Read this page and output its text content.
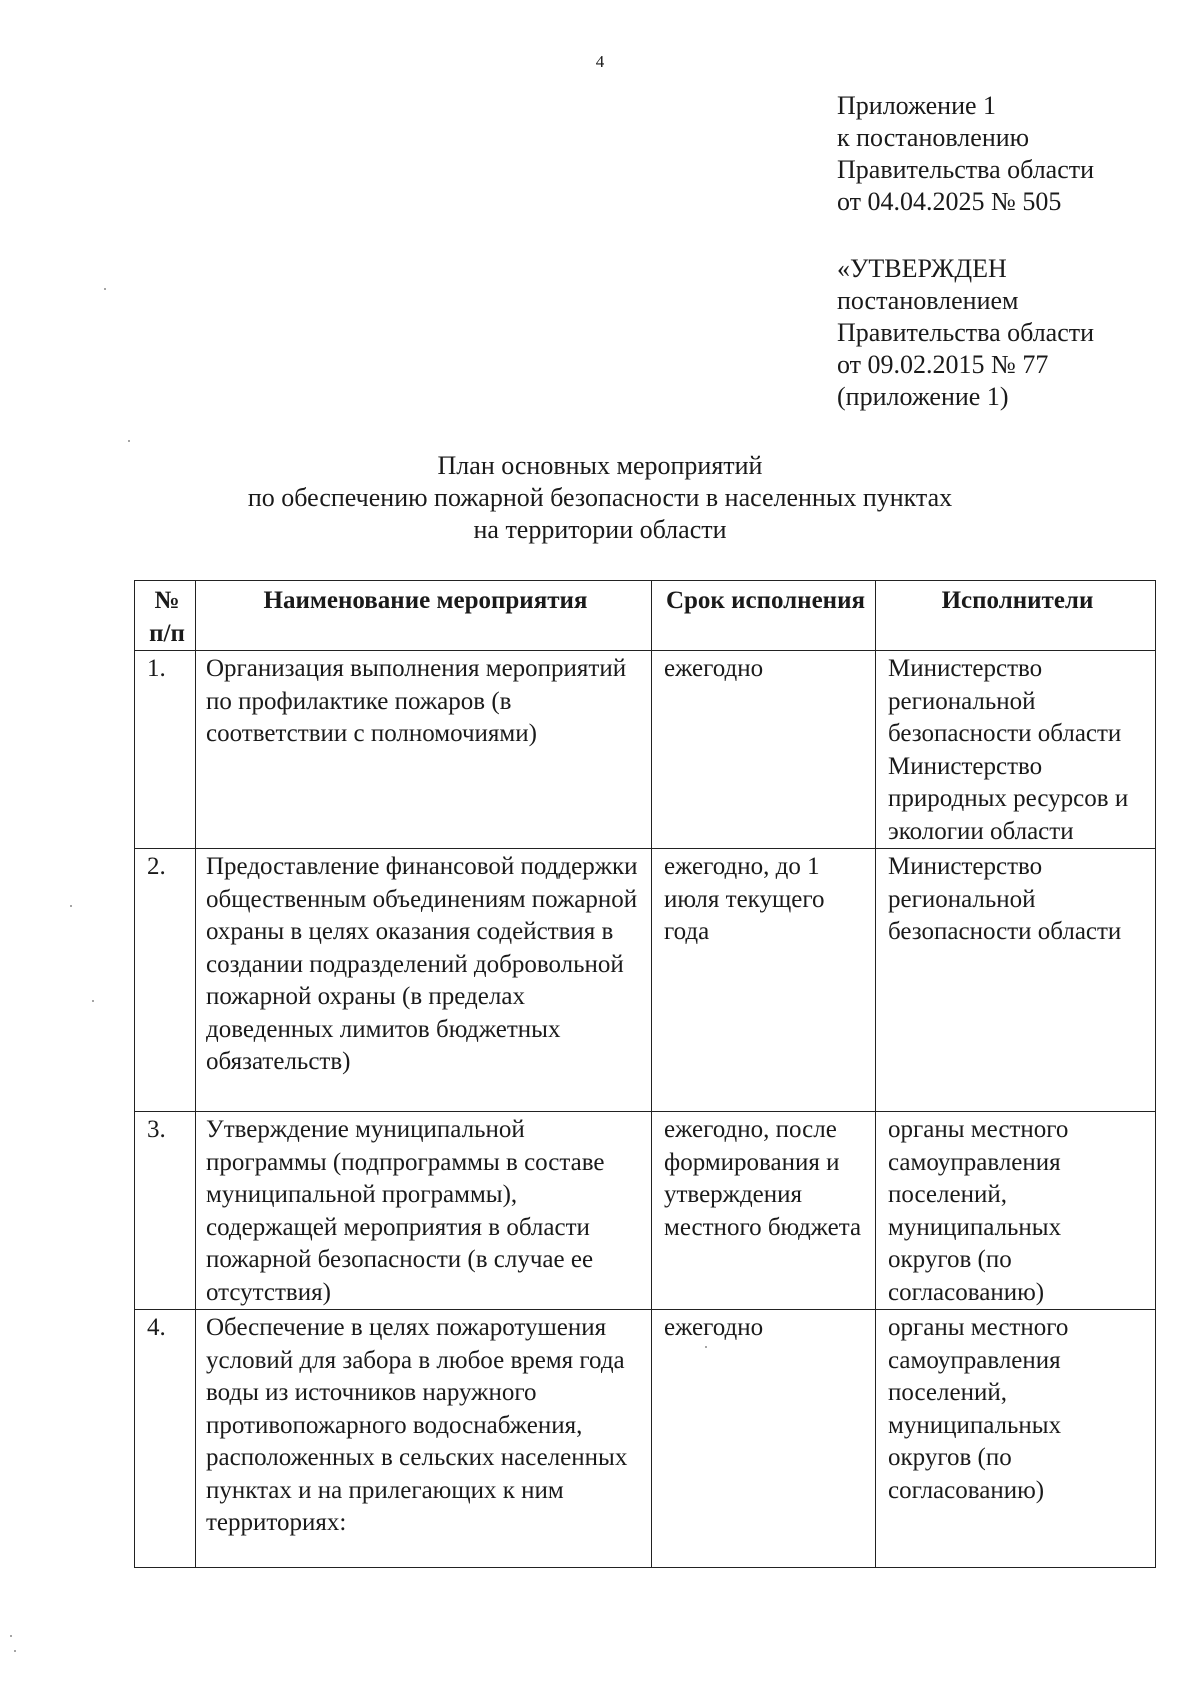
4
Приложение 1
к постановлению
Правительства области
от 04.04.2025 № 505
«УТВЕРЖДЕН
постановлением
Правительства области
от 09.02.2015 № 77
(приложение 1)
План основных мероприятий
по обеспечению пожарной безопасности в населенных пунктах
на территории области
№ п/п	Наименование мероприятия	Срок исполнения	Исполнители
1.	Организация выполнения мероприятий по профилактике пожаров (в соответствии с полномочиями)	ежегодно	Министерство региональной безопасности области Министерство природных ресурсов и экологии области
2.	Предоставление финансовой поддержки общественным объединениям пожарной охраны в целях оказания содействия в создании подразделений добровольной пожарной охраны (в пределах доведенных лимитов бюджетных обязательств)	ежегодно, до 1 июля текущего года	Министерство региональной безопасности области
3.	Утверждение муниципальной программы (подпрограммы в составе муниципальной программы), содержащей мероприятия в области пожарной безопасности (в случае ее отсутствия)	ежегодно, после формирования и утверждения местного бюджета	органы местного самоуправления поселений, муниципальных округов (по согласованию)
4.	Обеспечение в целях пожаротушения условий для забора в любое время года воды из источников наружного противопожарного водоснабжения, расположенных в сельских населенных пунктах и на прилегающих к ним территориях:	ежегодно	органы местного самоуправления поселений, муниципальных округов (по согласованию)
